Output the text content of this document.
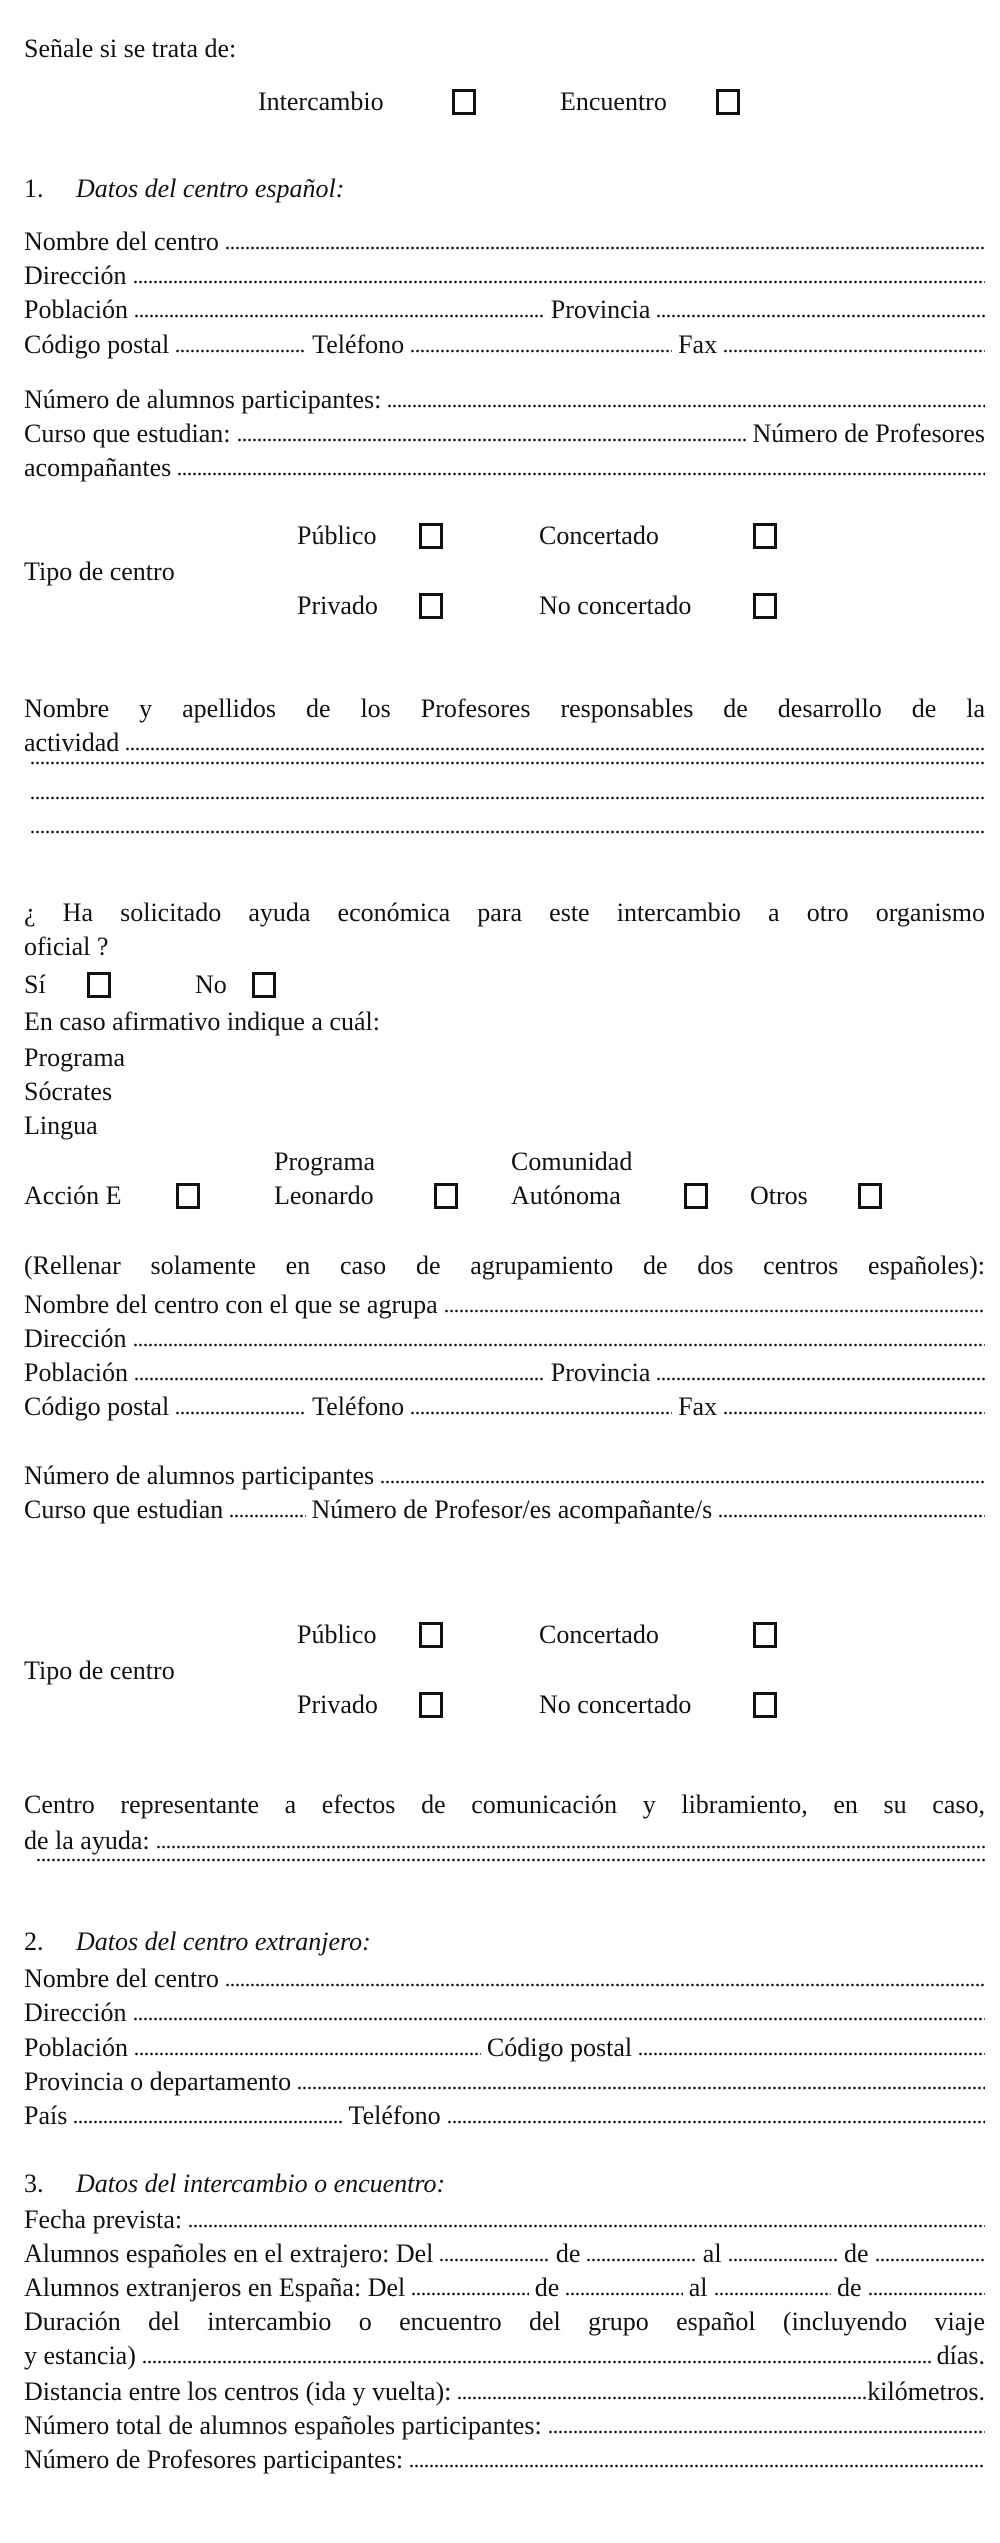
Señale si se trata de:
Intercambio	Encuentro
1.	Datos del centro español:
Nombre del centro
Dirección
Población	Provincia
Código postal	Teléfono	Fax
Número de alumnos participantes:
Curso que estudian:	Número de Profesores
acompañantes
Público	Concertado
Tipo de centro
Privado	No concertado
Nombre y apellidos de los Profesores responsables de desarrollo de la
actividad
¿ Ha solicitado ayuda económica para este intercambio a otro organismo
oficial ?
Sí	No
En caso afirmativo indique a cuál:
Programa
Sócrates
Lingua
Programa	Comunidad
Acción E	Leonardo	Autónoma	Otros
(Rellenar solamente en caso de agrupamiento de dos centros españoles):
Nombre del centro con el que se agrupa
Dirección
Población	Provincia
Código postal	Teléfono	Fax
Número de alumnos participantes
Curso que estudian	Número de Profesor/es acompañante/s
Público	Concertado
Tipo de centro
Privado	No concertado
Centro representante a efectos de comunicación y libramiento, en su caso,
de la ayuda:
2.	Datos del centro extranjero:
Nombre del centro
Dirección
Población	Código postal
Provincia o departamento
País	Teléfono
3.	Datos del intercambio o encuentro:
Fecha prevista:
Alumnos españoles en el extrajero: Del	de	al	de
Alumnos extranjeros en España: Del	de	al	de
Duración del intercambio o encuentro del grupo español (incluyendo viaje
y estancia)	días.
Distancia entre los centros (ida y vuelta):	kilómetros.
Número total de alumnos españoles participantes:
Número de Profesores participantes:
